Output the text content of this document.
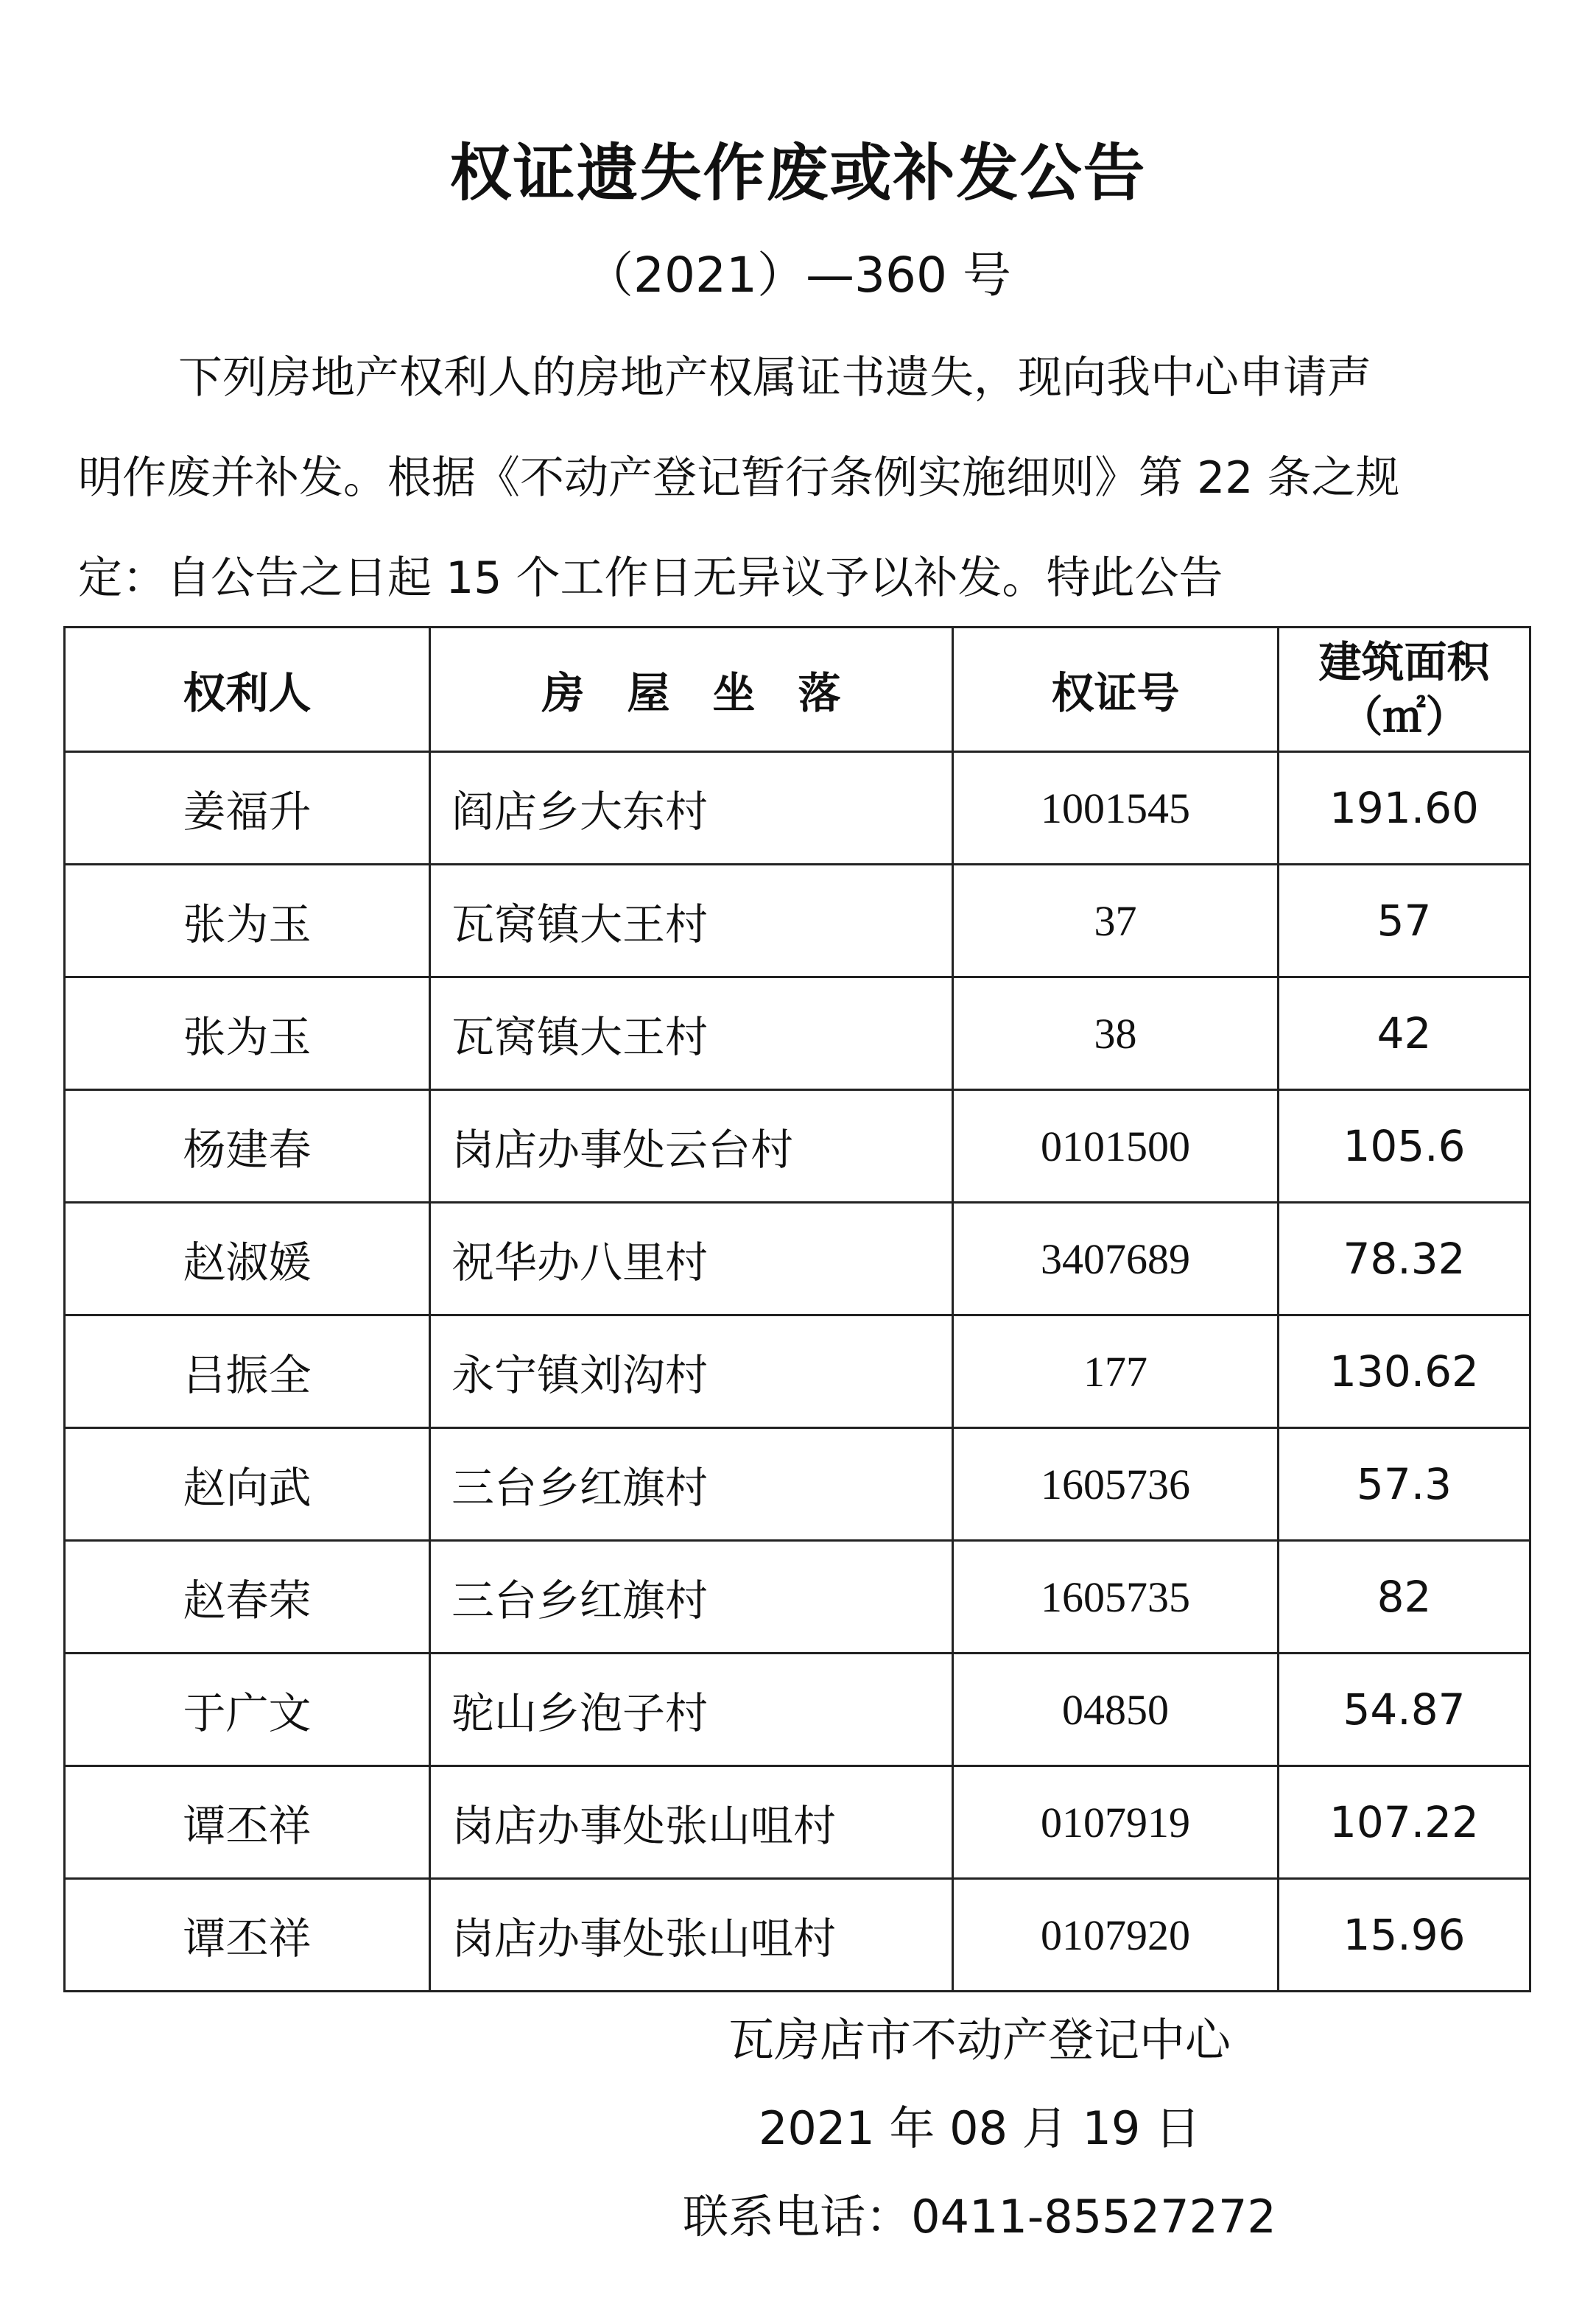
权证遗失作废或补发公告
（2021）—360 号
下列房地产权利人的房地产权属证书遗失，现向我中心申请声
明作废并补发。根据《不动产登记暂行条例实施细则》第 22 条之规
定：自公告之日起 15 个工作日无异议予以补发。特此公告
权利人	房　屋　坐　落	权证号	建筑面积
（㎡）

姜福升	阎店乡大东村	1001545	191.60
张为玉	瓦窝镇大王村	37	57
张为玉	瓦窝镇大王村	38	42
杨建春	岗店办事处云台村	0101500	105.6
赵淑媛	祝华办八里村	3407689	78.32
吕振全	永宁镇刘沟村	177	130.62
赵向武	三台乡红旗村	1605736	57.3
赵春荣	三台乡红旗村	1605735	82
于广文	驼山乡泡子村	04850	54.87
谭丕祥	岗店办事处张山咀村	0107919	107.22
谭丕祥	岗店办事处张山咀村	0107920	15.96
瓦房店市不动产登记中心
2021 年 08 月 19 日
联系电话：0411-85527272
